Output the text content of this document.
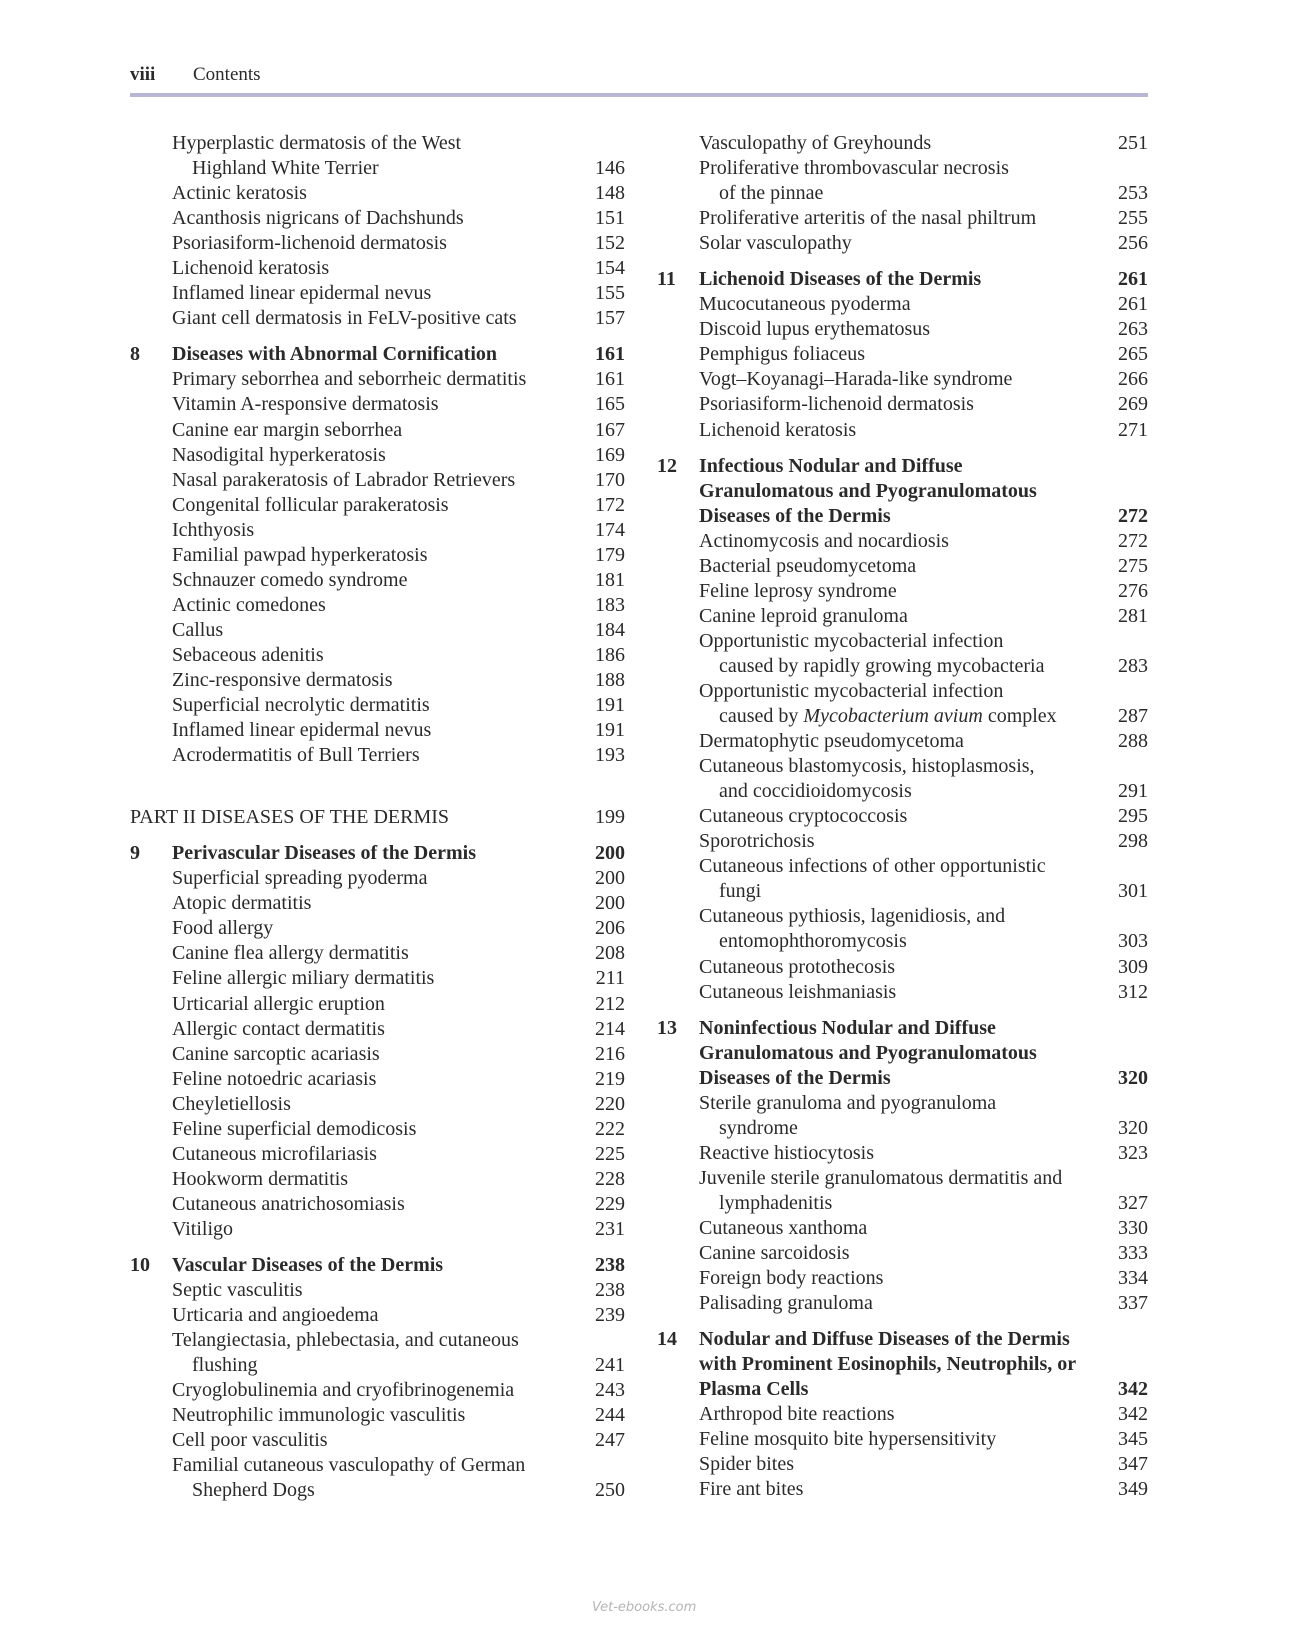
viii Contents
Hyperplastic dermatosis of the West
Highland White Terrier	146
Actinic keratosis	148
Acanthosis nigricans of Dachshunds	151
Psoriasiform-lichenoid dermatosis	152
Lichenoid keratosis	154
Inflamed linear epidermal nevus	155
Giant cell dermatosis in FeLV-positive cats	157
8 Diseases with Abnormal Cornification	161
Primary seborrhea and seborrheic dermatitis	161
Vitamin A-responsive dermatosis	165
Canine ear margin seborrhea	167
Nasodigital hyperkeratosis	169
Nasal parakeratosis of Labrador Retrievers	170
Congenital follicular parakeratosis	172
Ichthyosis	174
Familial pawpad hyperkeratosis	179
Schnauzer comedo syndrome	181
Actinic comedones	183
Callus	184
Sebaceous adenitis	186
Zinc-responsive dermatosis	188
Superficial necrolytic dermatitis	191
Inflamed linear epidermal nevus	191
Acrodermatitis of Bull Terriers	193
PART II DISEASES OF THE DERMIS	199
9 Perivascular Diseases of the Dermis	200
Superficial spreading pyoderma	200
Atopic dermatitis	200
Food allergy	206
Canine flea allergy dermatitis	208
Feline allergic miliary dermatitis	211
Urticarial allergic eruption	212
Allergic contact dermatitis	214
Canine sarcoptic acariasis	216
Feline notoedric acariasis	219
Cheyletiellosis	220
Feline superficial demodicosis	222
Cutaneous microfilariasis	225
Hookworm dermatitis	228
Cutaneous anatrichosomiasis	229
Vitiligo	231
10 Vascular Diseases of the Dermis	238
Septic vasculitis	238
Urticaria and angioedema	239
Telangiectasia, phlebectasia, and cutaneous
flushing	241
Cryoglobulinemia and cryofibrinogenemia	243
Neutrophilic immunologic vasculitis	244
Cell poor vasculitis	247
Familial cutaneous vasculopathy of German
Shepherd Dogs	250
Vasculopathy of Greyhounds	251
Proliferative thrombovascular necrosis
of the pinnae	253
Proliferative arteritis of the nasal philtrum	255
Solar vasculopathy	256
11 Lichenoid Diseases of the Dermis	261
Mucocutaneous pyoderma	261
Discoid lupus erythematosus	263
Pemphigus foliaceus	265
Vogt–Koyanagi–Harada-like syndrome	266
Psoriasiform-lichenoid dermatosis	269
Lichenoid keratosis	271
12 Infectious Nodular and Diffuse
Granulomatous and Pyogranulomatous
Diseases of the Dermis	272
Actinomycosis and nocardiosis	272
Bacterial pseudomycetoma	275
Feline leprosy syndrome	276
Canine leproid granuloma	281
Opportunistic mycobacterial infection
caused by rapidly growing mycobacteria	283
Opportunistic mycobacterial infection
caused by Mycobacterium avium complex	287
Dermatophytic pseudomycetoma	288
Cutaneous blastomycosis, histoplasmosis,
and coccidioidomycosis	291
Cutaneous cryptococcosis	295
Sporotrichosis	298
Cutaneous infections of other opportunistic
fungi	301
Cutaneous pythiosis, lagenidiosis, and
entomophthoromycosis	303
Cutaneous protothecosis	309
Cutaneous leishmaniasis	312
13 Noninfectious Nodular and Diffuse
Granulomatous and Pyogranulomatous
Diseases of the Dermis	320
Sterile granuloma and pyogranuloma
syndrome	320
Reactive histiocytosis	323
Juvenile sterile granulomatous dermatitis and
lymphadenitis	327
Cutaneous xanthoma	330
Canine sarcoidosis	333
Foreign body reactions	334
Palisading granuloma	337
14 Nodular and Diffuse Diseases of the Dermis
with Prominent Eosinophils, Neutrophils, or
Plasma Cells	342
Arthropod bite reactions	342
Feline mosquito bite hypersensitivity	345
Spider bites	347
Fire ant bites	349
Vet-ebooks.com
